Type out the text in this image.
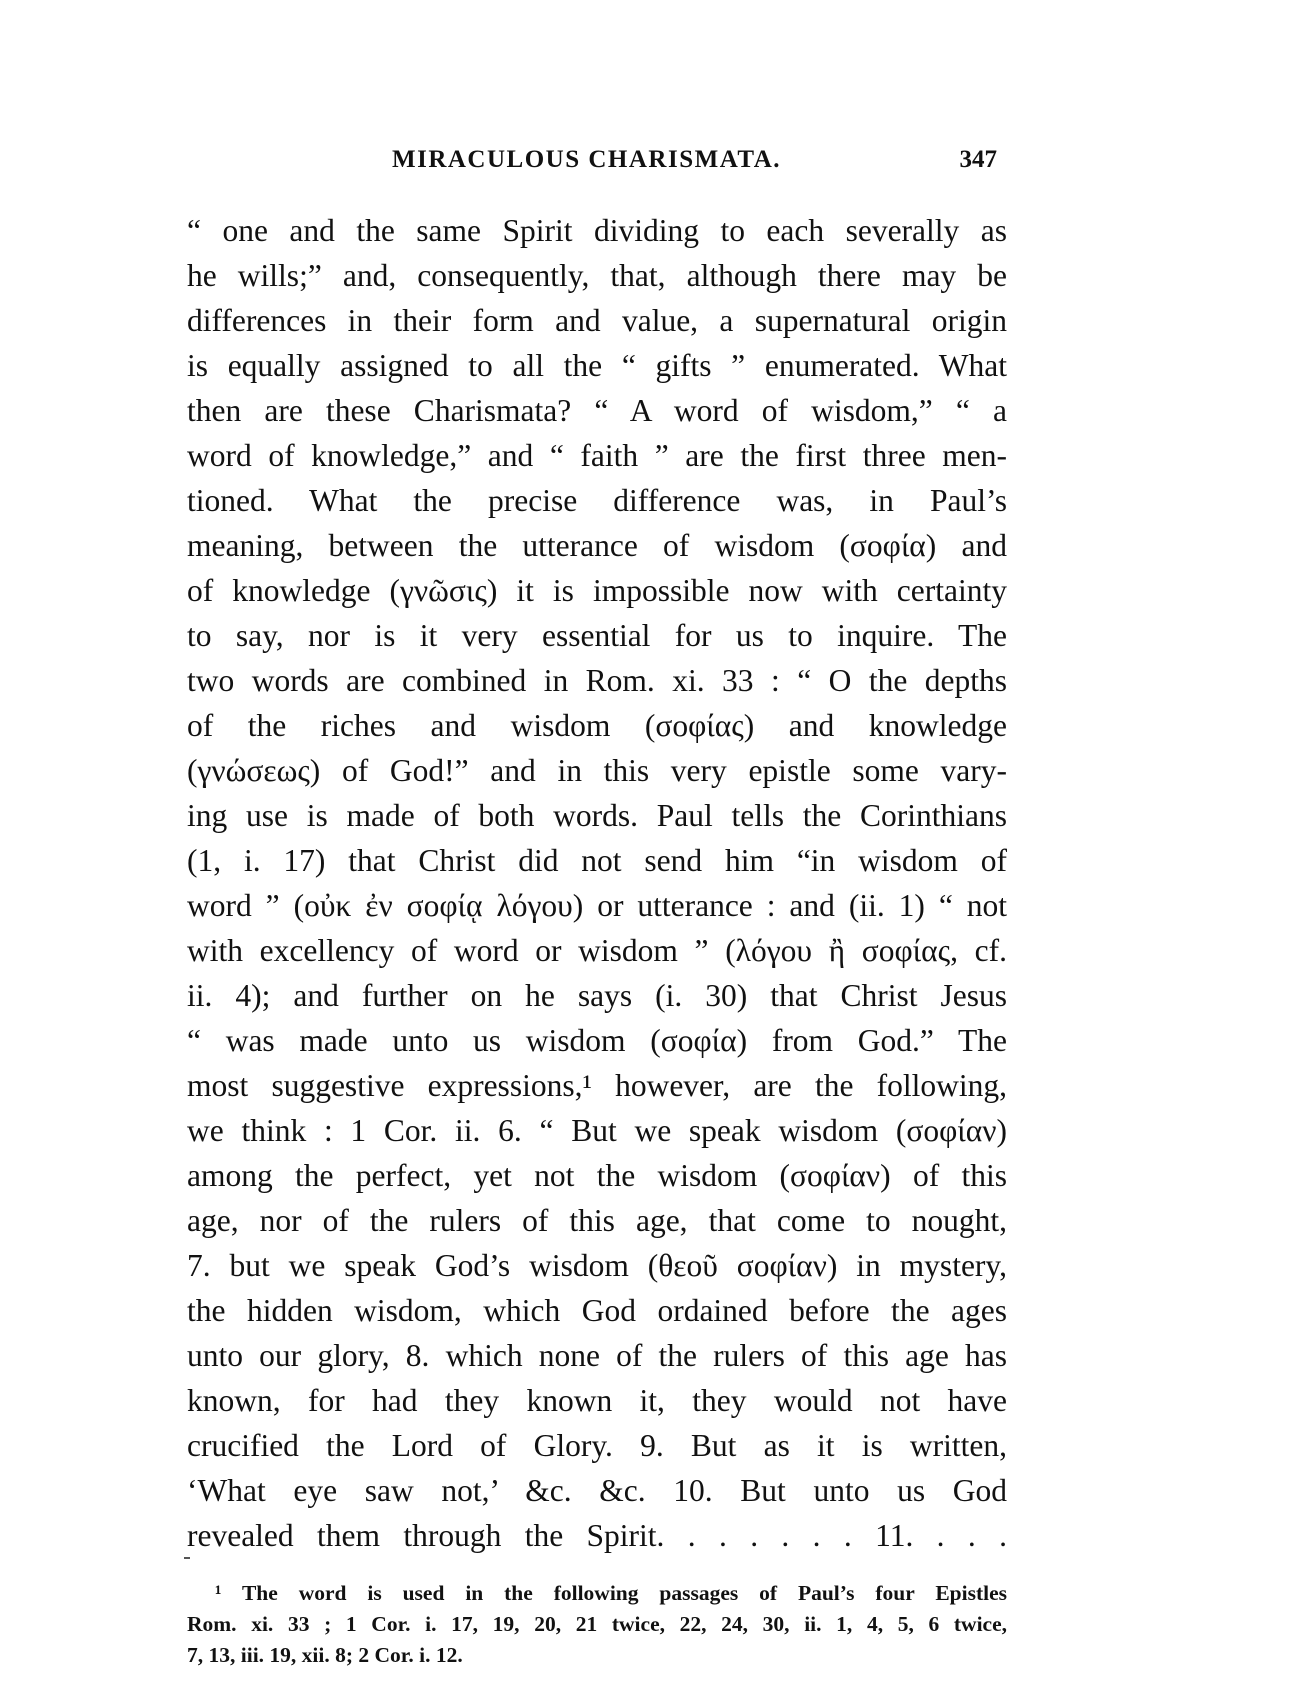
MIRACULOUS CHARISMATA.	347
“ one and the same Spirit dividing to each severally as
he wills;” and, consequently, that, although there may be
differences in their form and value, a supernatural origin
is equally assigned to all the “ gifts ” enumerated. What
then are these Charismata? “ A word of wisdom,” “ a
word of knowledge,” and “ faith ” are the first three men-
tioned. What the precise difference was, in Paul’s
meaning, between the utterance of wisdom (σοφία) and
of knowledge (γνῶσις) it is impossible now with certainty
to say, nor is it very essential for us to inquire. The
two words are combined in Rom. xi. 33 : “ O the depths
of the riches and wisdom (σοφίας) and knowledge
(γνώσεως) of God!” and in this very epistle some vary-
ing use is made of both words. Paul tells the Corinthians
(1, i. 17) that Christ did not send him “in wisdom of
word ” (οὐκ ἐν σοφίᾳ λόγου) or utterance : and (ii. 1) “ not
with excellency of word or wisdom ” (λόγου ἢ σοφίας, cf.
ii. 4); and further on he says (i. 30) that Christ Jesus
“ was made unto us wisdom (σοφία) from God.” The
most suggestive expressions,¹ however, are the following,
we think : 1 Cor. ii. 6. “ But we speak wisdom (σοφίαν)
among the perfect, yet not the wisdom (σοφίαν) of this
age, nor of the rulers of this age, that come to nought,
7. but we speak God’s wisdom (θεοῦ σοφίαν) in mystery,
the hidden wisdom, which God ordained before the ages
unto our glory, 8. which none of the rulers of this age has
known, for had they known it, they would not have
crucified the Lord of Glory. 9. But as it is written,
‘What eye saw not,’ &c. &c. 10. But unto us God
revealed them through the Spirit. . . . . . . 11. . . .
¹ The word is used in the following passages of Paul’s four Epistles
Rom. xi. 33 ; 1 Cor. i. 17, 19, 20, 21 twice, 22, 24, 30, ii. 1, 4, 5, 6 twice,
7, 13, iii. 19, xii. 8; 2 Cor. i. 12.
